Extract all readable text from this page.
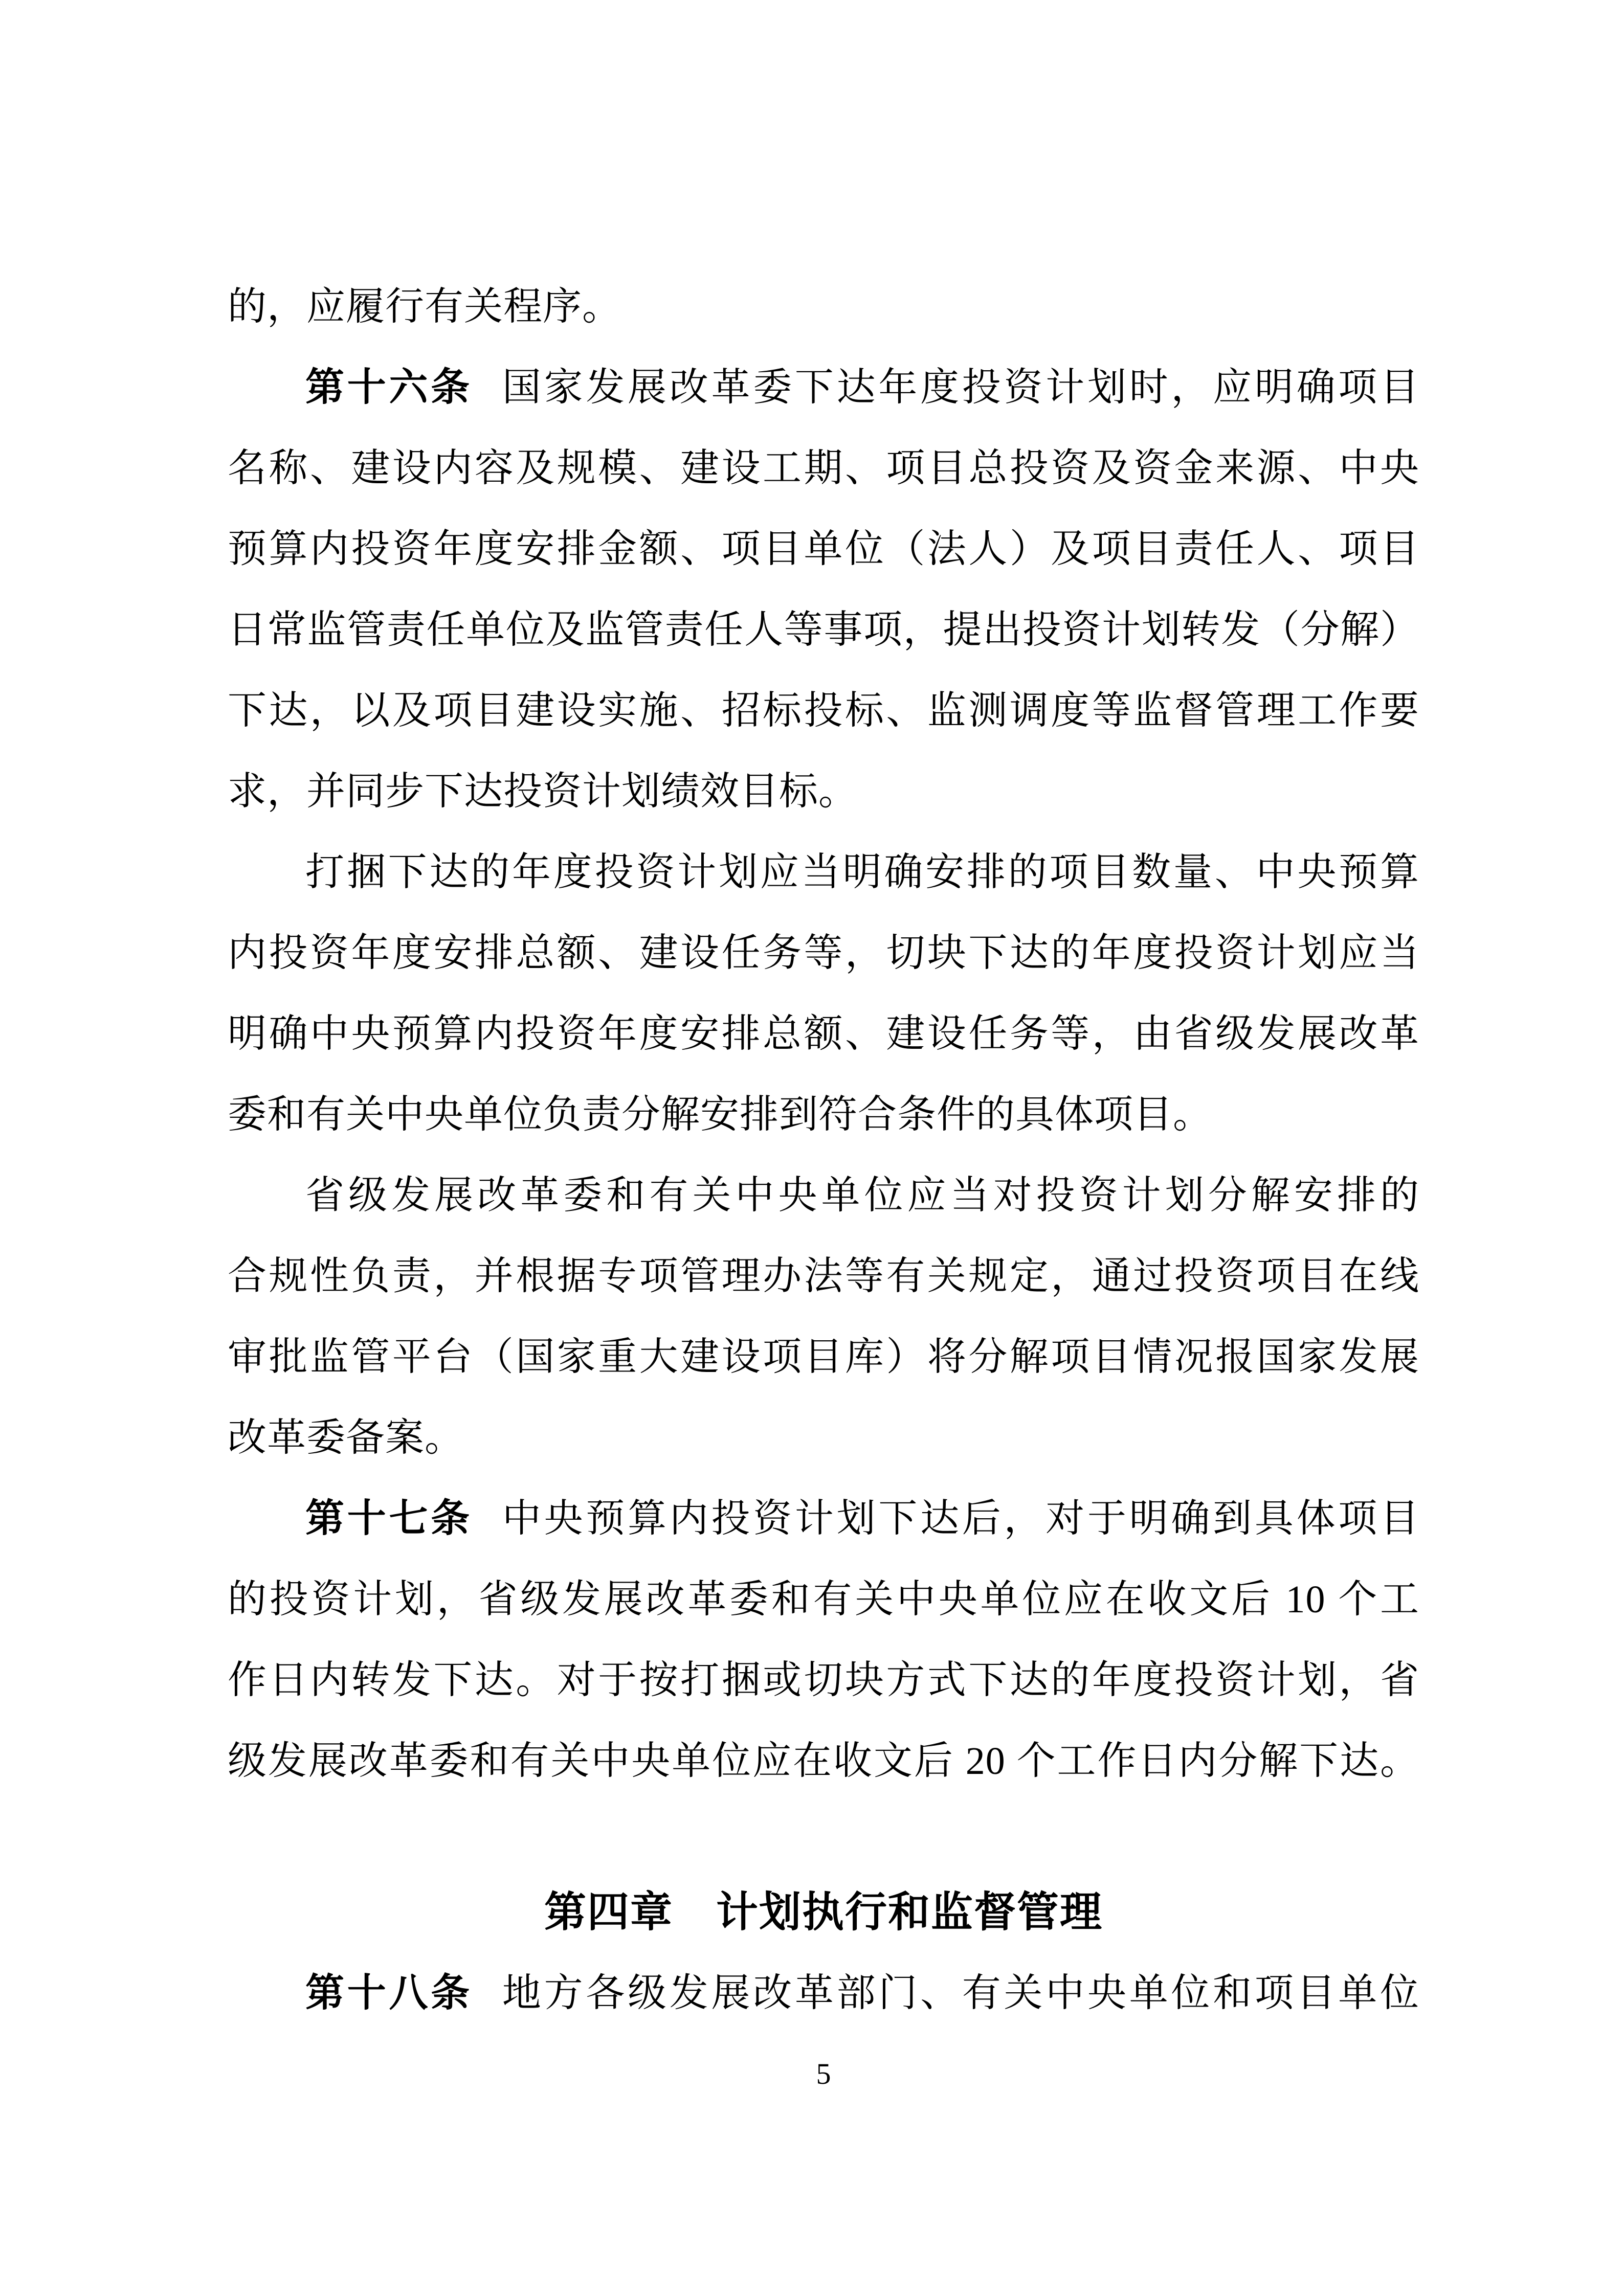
的，应履行有关程序。
第十六条 国家发展改革委下达年度投资计划时，应明确项目
名称、建设内容及规模、建设工期、项目总投资及资金来源、中央
预算内投资年度安排金额、项目单位（法人）及项目责任人、项目
日常监管责任单位及监管责任人等事项，提出投资计划转发（分解）
下达，以及项目建设实施、招标投标、监测调度等监督管理工作要
求，并同步下达投资计划绩效目标。
打捆下达的年度投资计划应当明确安排的项目数量、中央预算
内投资年度安排总额、建设任务等，切块下达的年度投资计划应当
明确中央预算内投资年度安排总额、建设任务等，由省级发展改革
委和有关中央单位负责分解安排到符合条件的具体项目。
省级发展改革委和有关中央单位应当对投资计划分解安排的
合规性负责，并根据专项管理办法等有关规定，通过投资项目在线
审批监管平台（国家重大建设项目库）将分解项目情况报国家发展
改革委备案。
第十七条 中央预算内投资计划下达后，对于明确到具体项目
的投资计划，省级发展改革委和有关中央单位应在收文后 10 个工
作日内转发下达。对于按打捆或切块方式下达的年度投资计划，省
级发展改革委和有关中央单位应在收文后 20 个工作日内分解下达。
第四章　计划执行和监督管理
第十八条 地方各级发展改革部门、有关中央单位和项目单位
5
